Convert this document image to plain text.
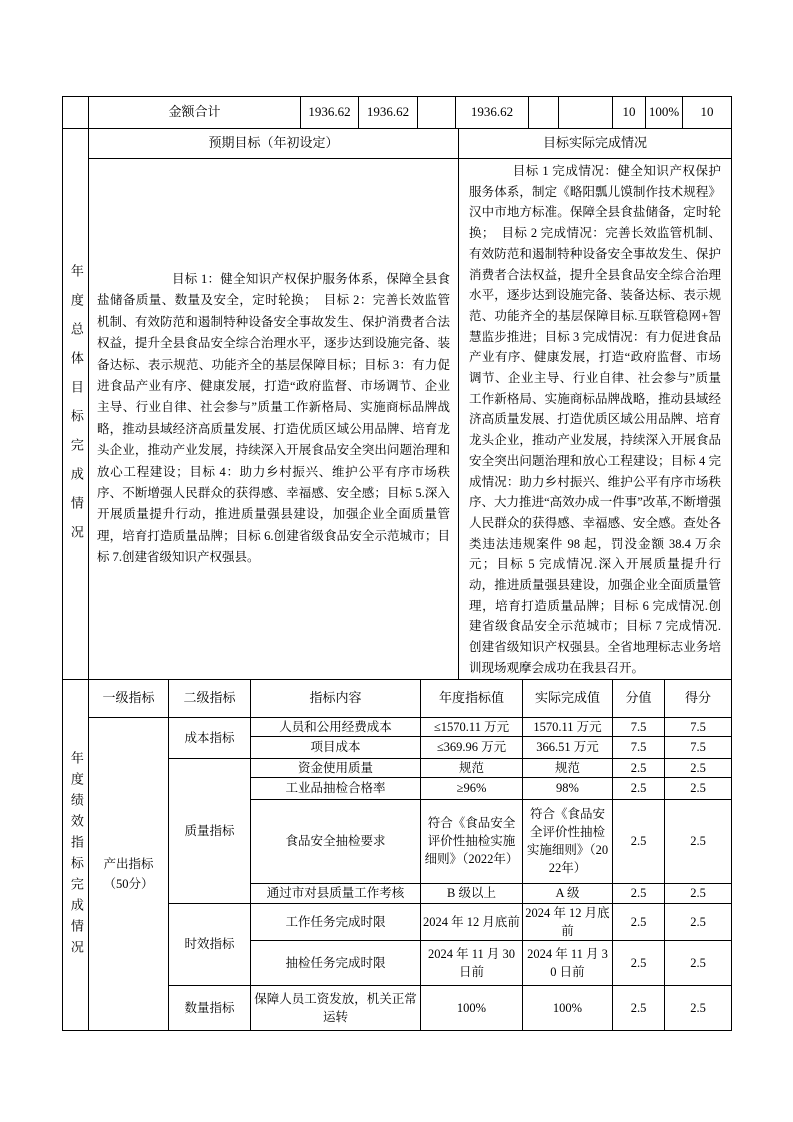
	金额合计	1936.62	1936.62		1936.62			10	100%	10
年度总体目标完成情况	预期目标（年初设定）	目标实际完成情况

目标 1：健全知识产权保护服务体系，保障全县食盐储备质量、数量及安全，定时轮换；　目标 2：完善长效监管机制、有效防范和遏制特种设备安全事故发生、保护消费者合法权益，提升全县食品安全综合治理水平，逐步达到设施完备、装备达标、表示规范、功能齐全的基层保障目标；目标 3：有力促进食品产业有序、健康发展，打造“政府监督、市场调节、企业主导、行业自律、社会参与”质量工作新格局、实施商标品牌战略，推动县域经济高质量发展、打造优质区域公用品牌、培育龙头企业，推动产业发展，持续深入开展食品安全突出问题治理和放心工程建设；目标 4：助力乡村振兴、维护公平有序市场秩序、不断增强人民群众的获得感、幸福感、安全感；目标 5.深入开展质量提升行动，推进质量强县建设，加强企业全面质量管理，培育打造质量品牌；目标 6.创建省级食品安全示范城市；目标 7.创建省级知识产权强县。

目标 1 完成情况：健全知识产权保护服务体系，制定《略阳瓢儿馍制作技术规程》汉中市地方标准。保障全县食盐储备，定时轮换；　目标 2 完成情况：完善长效监管机制、有效防范和遏制特种设备安全事故发生、保护消费者合法权益，提升全县食品安全综合治理水平，逐步达到设施完备、装备达标、表示规范、功能齐全的基层保障目标.互联管稳网+智慧监步推进；目标 3 完成情况：有力促进食品产业有序、健康发展，打造“政府监督、市场调节、企业主导、行业自律、社会参与”质量工作新格局、实施商标品牌战略，推动县域经济高质量发展、打造优质区域公用品牌、培育龙头企业，推动产业发展，持续深入开展食品安全突出问题治理和放心工程建设；目标 4 完成情况：助力乡村振兴、维护公平有序市场秩序、大力推进“高效办成一件事”改革,不断增强人民群众的获得感、幸福感、安全感。查处各类违法违规案件 98 起，罚没金额 38.4 万余元；目标 5 完成情况.深入开展质量提升行动，推进质量强县建设，加强企业全面质量管理，培育打造质量品牌；目标 6 完成情况.创建省级食品安全示范城市；目标 7 完成情况.创建省级知识产权强县。全省地理标志业务培训现场观摩会成功在我县召开。

年度绩效指标完成情况	一级指标	二级指标	指标内容	年度指标值	实际完成值	分值	得分
	产出指标（50分）	成本指标	人员和公用经费成本	≤1570.11 万元	1570.11 万元	7.5	7.5
			项目成本	≤369.96 万元	366.51 万元	7.5	7.5
		质量指标	资金使用质量	规范	规范	2.5	2.5
			工业品抽检合格率	≥96%	98%	2.5	2.5
			食品安全抽检要求	符合《食品安全评价性抽检实施细则》（2022年）	符合《食品安全评价性抽检实施细则》（2022年）	2.5	2.5
			通过市对县质量工作考核	B 级以上	A 级	2.5	2.5
		时效指标	工作任务完成时限	2024 年 12 月底前	2024 年 12 月底前	2.5	2.5
			抽检任务完成时限	2024 年 11 月 30 日前	2024 年 11 月 30 日前	2.5	2.5
		数量指标	保障人员工资发放，机关正常运转	100%	100%	2.5	2.5
